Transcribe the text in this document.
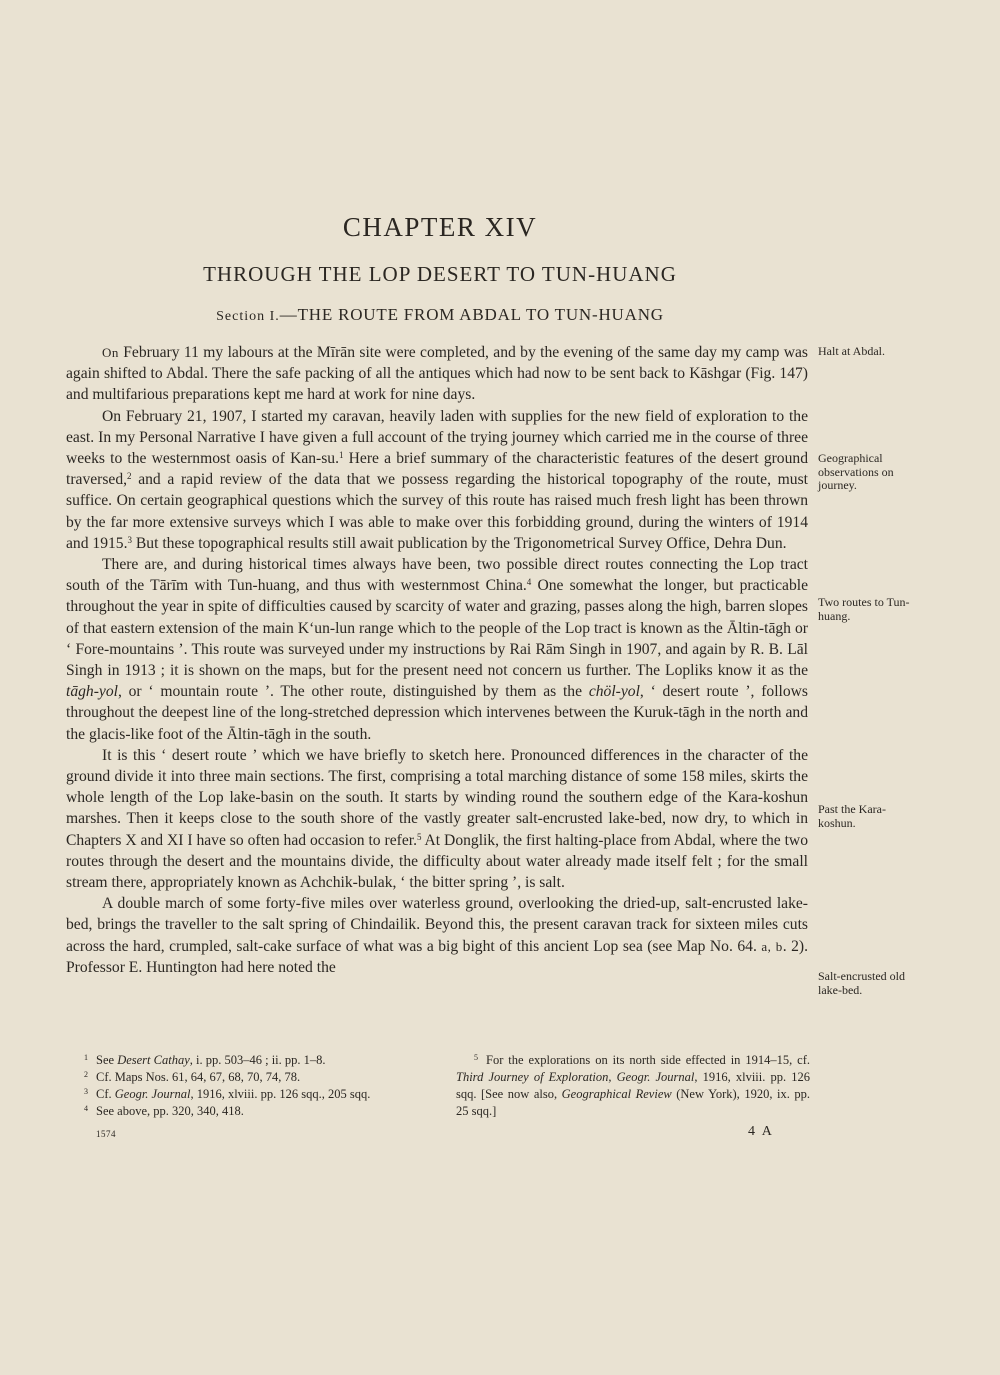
CHAPTER XIV
THROUGH THE LOP DESERT TO TUN-HUANG
Section I.—THE ROUTE FROM ABDAL TO TUN-HUANG

On February 11 my labours at the Mīrān site were completed, and by the evening of the same day my camp was again shifted to Abdal. There the safe packing of all the antiques which had now to be sent back to Kāshgar (Fig. 147) and multifarious preparations kept me hard at work for nine days.

On February 21, 1907, I started my caravan, heavily laden with supplies for the new field of exploration to the east. In my Personal Narrative I have given a full account of the trying journey which carried me in the course of three weeks to the westernmost oasis of Kan-su.$^1$ Here a brief summary of the characteristic features of the desert ground traversed,$^2$ and a rapid review of the data that we possess regarding the historical topography of the route, must suffice. On certain geographical questions which the survey of this route has raised much fresh light has been thrown by the far more extensive surveys which I was able to make over this forbidding ground, during the winters of 1914 and 1915.$^3$ But these topographical results still await publication by the Trigonometrical Survey Office, Dehra Dun.

There are, and during historical times always have been, two possible direct routes connecting the Lop tract south of the Tārīm with Tun-huang, and thus with westernmost China.$^4$ One somewhat the longer, but practicable throughout the year in spite of difficulties caused by scarcity of water and grazing, passes along the high, barren slopes of that eastern extension of the main K‘un-lun range which to the people of the Lop tract is known as the Āltin-tāgh or ‘ Fore-mountains ’. This route was surveyed under my instructions by Rai Rām Singh in 1907, and again by R. B. Lāl Singh in 1913 ; it is shown on the maps, but for the present need not concern us further. The Lopliks know it as the tāgh-yol, or ‘ mountain route ’. The other route, distinguished by them as the chöl-yol, ‘ desert route ’, follows throughout the deepest line of the long-stretched depression which intervenes between the Kuruk-tāgh in the north and the glacis-like foot of the Āltin-tāgh in the south.

It is this ‘ desert route ’ which we have briefly to sketch here. Pronounced differences in the character of the ground divide it into three main sections. The first, comprising a total marching distance of some 158 miles, skirts the whole length of the Lop lake-basin on the south. It starts by winding round the southern edge of the Kara-koshun marshes. Then it keeps close to the south shore of the vastly greater salt-encrusted lake-bed, now dry, to which in Chapters X and XI I have so often had occasion to refer.$^5$ At Donglik, the first halting-place from Abdal, where the two routes through the desert and the mountains divide, the difficulty about water already made itself felt ; for the small stream there, appropriately known as Achchik-bulak, ‘ the bitter spring ’, is salt.

A double march of some forty-five miles over waterless ground, overlooking the dried-up, salt-encrusted lake-bed, brings the traveller to the salt spring of Chindailik. Beyond this, the present caravan track for sixteen miles cuts across the hard, crumpled, salt-cake surface of what was a big bight of this ancient Lop sea (see Map No. 64. a, b. 2). Professor E. Huntington had here noted the

Halt at Abdal.
Geographical observations on journey.
Two routes to Tun-huang.
Past the Kara-koshun.
Salt-encrusted old lake-bed.

$^1$ See Desert Cathay, i. pp. 503–46 ; ii. pp. 1–8.

$^2$ Cf. Maps Nos. 61, 64, 67, 68, 70, 74, 78.

$^3$ Cf. Geogr. Journal, 1916, xlviii. pp. 126 sqq., 205 sqq.

$^4$ See above, pp. 320, 340, 418.

$^5$ For the explorations on its north side effected in 1914–15, cf. Third Journey of Exploration, Geogr. Journal, 1916, xlviii. pp. 126 sqq. [See now also, Geographical Review (New York), 1920, ix. pp. 25 sqq.]

1574	4 A
